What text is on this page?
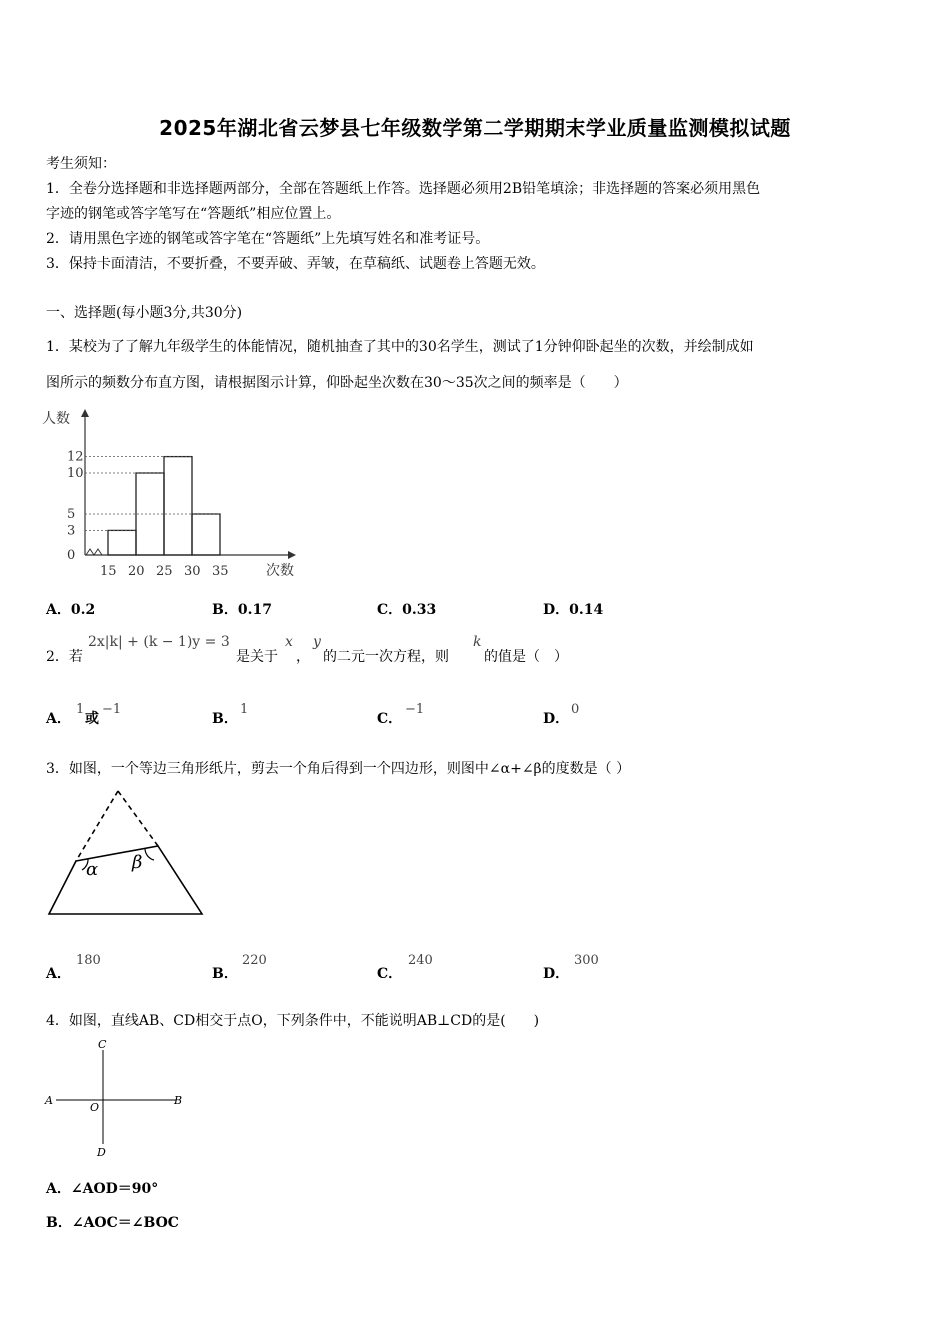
2025年湖北省云梦县七年级数学第二学期期末学业质量监测模拟试题
考生须知：
1．全卷分选择题和非选择题两部分，全部在答题纸上作答。选择题必须用2B铅笔填涂；非选择题的答案必须用黑色
字迹的钢笔或答字笔写在“答题纸”相应位置上。
2．请用黑色字迹的钢笔或答字笔在“答题纸”上先填写姓名和准考证号。
3．保持卡面清洁，不要折叠，不要弄破、弄皱，在草稿纸、试题卷上答题无效。
一、选择题(每小题3分,共30分)
1．某校为了了解九年级学生的体能情况，随机抽查了其中的30名学生，测试了1分钟仰卧起坐的次数，并绘制成如
图所示的频数分布直方图，请根据图示计算，仰卧起坐次数在30～35次之间的频率是（　　）
0
3
5
10
12
15 20 25 30 35
人数
次数
A．0.2	B．0.17	C．0.33	D．0.14
2．若
2x|k| + (k − 1)y = 3
是关于
x
，
y
的二元一次方程，则
k
的值是（　）
A．
1
或
−1
B．
1
C．
−1
D．
0
3．如图，一个等边三角形纸片，剪去一个角后得到一个四边形，则图中∠α+∠β的度数是（ ）
α β
A．
180
B．
220
C．
240
D．
300
4．如图，直线AB、CD相交于点O，下列条件中，不能说明AB⊥CD的是(　　)
C
A	B
O
D
A．∠AOD＝90°
B．∠AOC＝∠BOC
